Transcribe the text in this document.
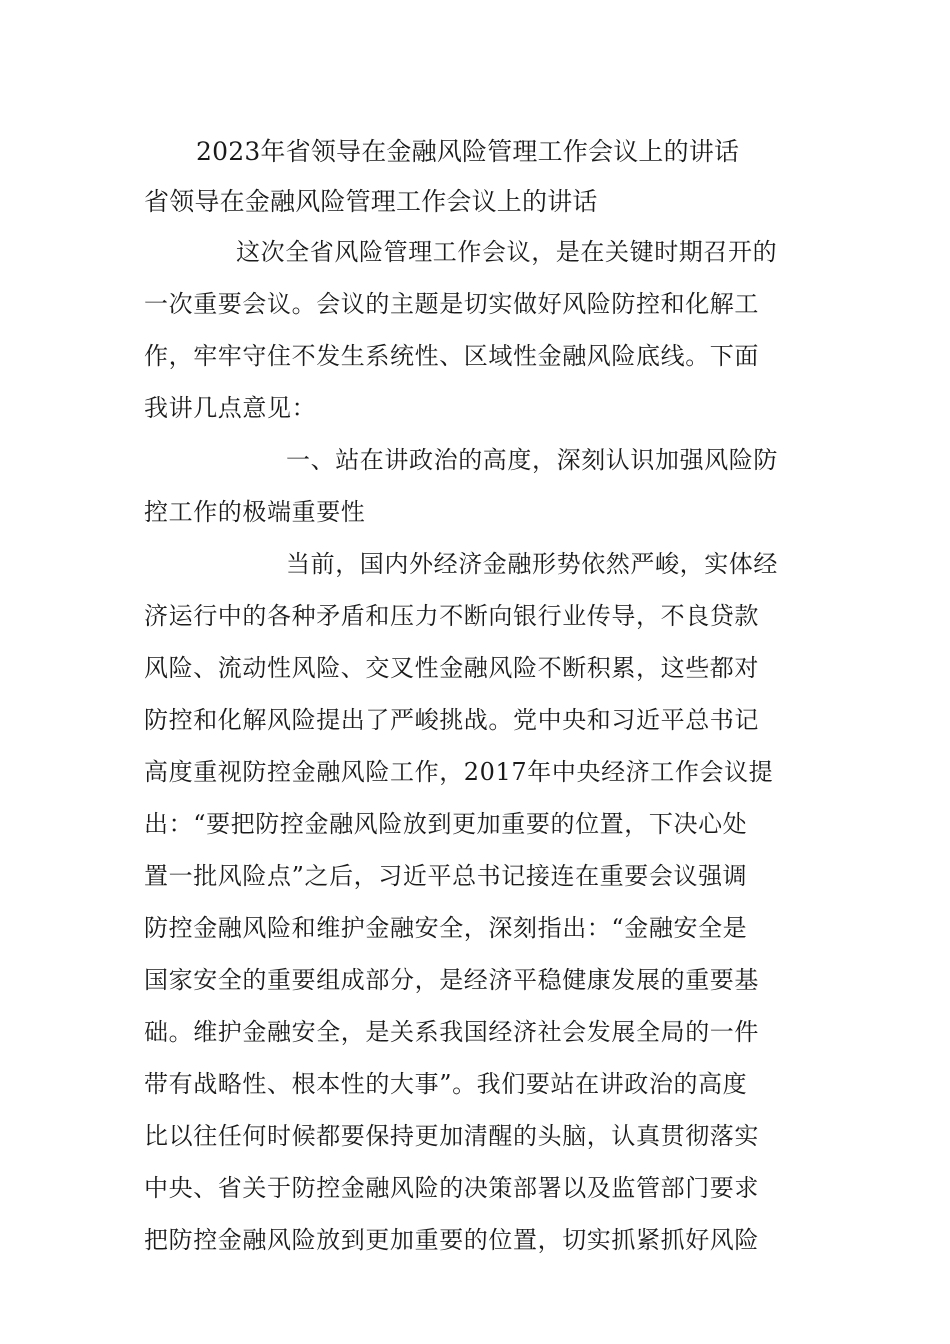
2023年省领导在金融风险管理工作会议上的讲话
省领导在金融风险管理工作会议上的讲话
这次全省风险管理工作会议，是在关键时期召开的
一次重要会议。会议的主题是切实做好风险防控和化解工
作，牢牢守住不发生系统性、区域性金融风险底线。下面
我讲几点意见：
一、站在讲政治的高度，深刻认识加强风险防
控工作的极端重要性
当前，国内外经济金融形势依然严峻，实体经
济运行中的各种矛盾和压力不断向银行业传导，不良贷款
风险、流动性风险、交叉性金融风险不断积累，这些都对
防控和化解风险提出了严峻挑战。党中央和习近平总书记
高度重视防控金融风险工作，2017年中央经济工作会议提
出：“要把防控金融风险放到更加重要的位置，下决心处
置一批风险点”之后，习近平总书记接连在重要会议强调
防控金融风险和维护金融安全，深刻指出：“金融安全是
国家安全的重要组成部分，是经济平稳健康发展的重要基
础。维护金融安全，是关系我国经济社会发展全局的一件
带有战略性、根本性的大事”。我们要站在讲政治的高度
比以往任何时候都要保持更加清醒的头脑，认真贯彻落实
中央、省关于防控金融风险的决策部署以及监管部门要求
把防控金融风险放到更加重要的位置，切实抓紧抓好风险
